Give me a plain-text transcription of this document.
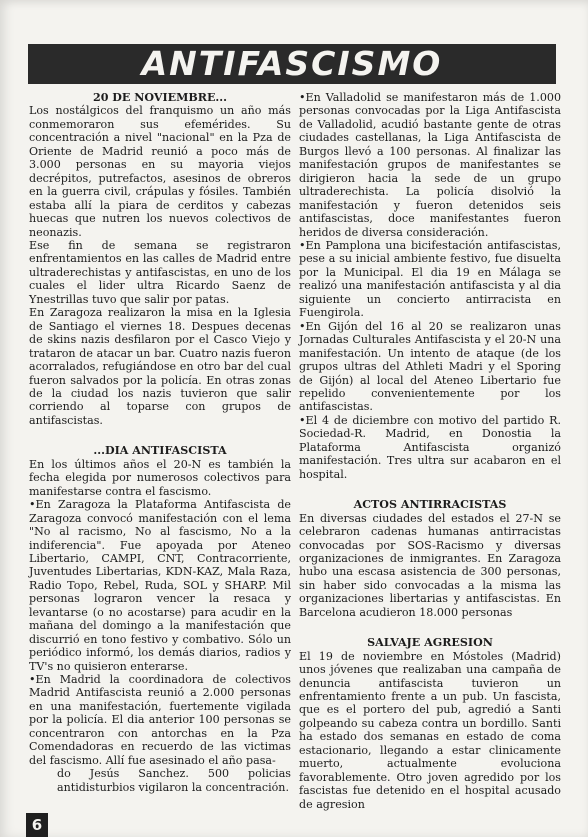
ANTIFASCISMO

20 DE NOVIEMBRE...

Los nostálgicos del franquismo un año más conmemoraron sus efemérides. Su concentración a nivel "nacional" en la Pza de Oriente de Madrid reunió a poco más de 3.000 personas en su mayoria viejos decrépitos, putrefactos, asesinos de obreros en la guerra civil, crápulas y fósiles. También estaba allí la piara de cerditos y cabezas huecas que nutren los nuevos colectivos de neonazis.

Ese fin de semana se registraron enfrentamientos en las calles de Madrid entre ultraderechistas y antifascistas, en uno de los cuales el lider ultra Ricardo Saenz de Ynestrillas tuvo que salir por patas.

En Zaragoza realizaron la misa en la Iglesia de Santiago el viernes 18. Despues decenas de skins nazis desfilaron por el Casco Viejo y trataron de atacar un bar. Cuatro nazis fueron acorralados, refugiándose en otro bar del cual fueron salvados por la policía. En otras zonas de la ciudad los nazis tuvieron que salir corriendo al toparse con grupos de antifascistas.

...DIA ANTIFASCISTA

En los últimos años el 20-N es también la fecha elegida por numerosos colectivos para manifestarse contra el fascismo.

•En Zaragoza la Plataforma Antifascista de Zaragoza convocó manifestación con el lema "No al racismo, No al fascismo, No a la indiferencia". Fue apoyada por Ateneo Libertario, CAMPI, CNT, Contracorriente, Juventudes Libertarias, KDN-KAZ, Mala Raza, Radio Topo, Rebel, Ruda, SOL y SHARP. Mil personas lograron vencer la resaca y levantarse (o no acostarse) para acudir en la mañana del domingo a la manifestación que discurrió en tono festivo y combativo. Sólo un periódico informó, los demás diarios, radios y TV's no quisieron enterarse.

•En Madrid la coordinadora de colectivos Madrid Antifascista reunió a 2.000 personas en una manifestación, fuertemente vigilada por la policía. El dia anterior 100 personas se concentraron con antorchas en la Pza Comendadoras en recuerdo de las victimas del fascismo. Allí fue asesinado el año pasa-

do Jesús Sanchez. 500 policias antidisturbios vigilaron la concentración.

•En Valladolid se manifestaron más de 1.000 personas convocadas por la Liga Antifascista de Valladolid, acudió bastante gente de otras ciudades castellanas, la Liga Antifascista de Burgos llevó a 100 personas. Al finalizar las manifestación grupos de manifestantes se dirigieron hacia la sede de un grupo ultraderechista. La policía disolvió la manifestación y fueron detenidos seis antifascistas, doce manifestantes fueron heridos de diversa consideración.

•En Pamplona una bicifestación antifascistas, pese a su inicial ambiente festivo, fue disuelta por la Municipal. El dia 19 en Málaga se realizó una manifestación antifascista y al dia siguiente un concierto antirracista en Fuengirola.

•En Gijón del 16 al 20 se realizaron unas Jornadas Culturales Antifascista y el 20-N una manifestación. Un intento de ataque (de los grupos ultras del Athleti Madri y el Sporing de Gijón) al local del Ateneo Libertario fue repelido convenientemente por los antifascistas.

•El 4 de diciembre con motivo del partido R. Sociedad-R. Madrid, en Donostia la Plataforma Antifascista organizó manifestación. Tres ultra sur acabaron en el hospital.

ACTOS ANTIRRACISTAS

En diversas ciudades del estados el 27-N se celebraron cadenas humanas antirracistas convocadas por SOS-Racismo y diversas organizaciones de inmigrantes. En Zaragoza hubo una escasa asistencia de 300 personas, sin haber sido convocadas a la misma las organizaciones libertarias y antifascistas. En Barcelona acudieron 18.000 personas

SALVAJE AGRESION

El 19 de noviembre en Móstoles (Madrid) unos jóvenes que realizaban una campaña de denuncia antifascista tuvieron un enfrentamiento frente a un pub. Un fascista, que es el portero del pub, agredió a Santi golpeando su cabeza contra un bordillo. Santi ha estado dos semanas en estado de coma estacionario, llegando a estar clinicamente muerto, actualmente evoluciona favorablemente. Otro joven agredido por los fascistas fue detenido en el hospital acusado de agresion

6
